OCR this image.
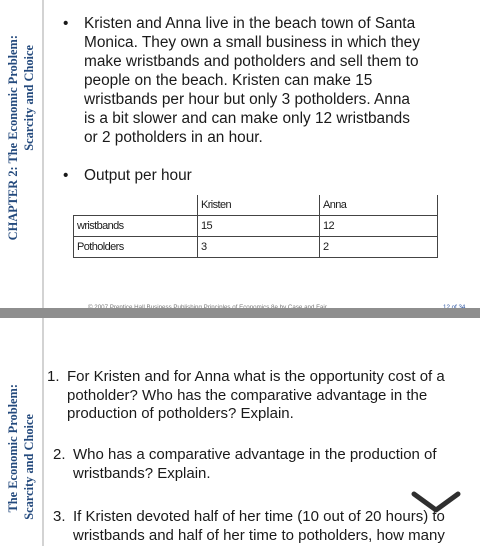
CHAPTER 2: The Economic Problem: Scarcity and Choice
• Kristen and Anna live in the beach town of Santa Monica. They own a small business in which they make wristbands and potholders and sell them to people on the beach. Kristen can make 15 wristbands per hour but only 3 potholders. Anna is a bit slower and can make only 12 wristbands or 2 potholders in an hour.
• Output per hour
	Kristen	Anna
wristbands	15	12
Potholders	3	2
The Economic Problem: Scarcity and Choice
1. For Kristen and for Anna what is the opportunity cost of a potholder? Who has the comparative advantage in the production of potholders? Explain.
2. Who has a comparative advantage in the production of wristbands? Explain.
3. If Kristen devoted half of her time (10 out of 20 hours) to wristbands and half of her time to potholders, how many
